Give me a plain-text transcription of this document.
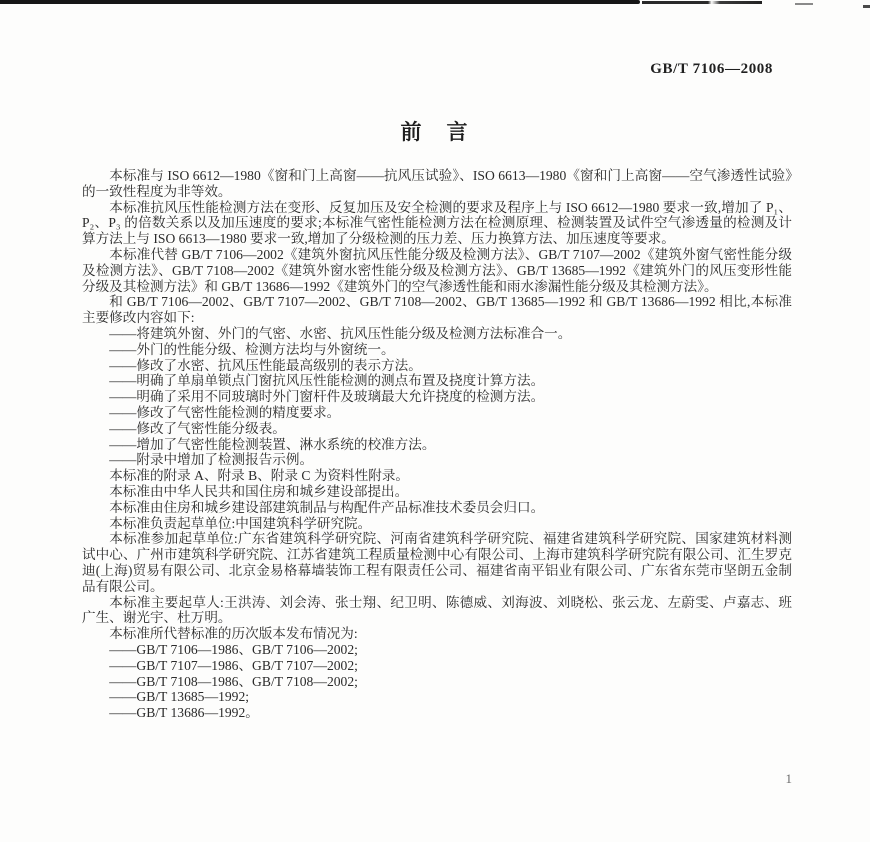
GB/T 7106—2008
前　言

本标准与 ISO 6612—1980《窗和门上高窗——抗风压试验》、ISO 6613—1980《窗和门上高窗——空气渗透性试验》的一致性程度为非等效。

本标准抗风压性能检测方法在变形、反复加压及安全检测的要求及程序上与 ISO 6612—1980 要求一致,增加了 P₁、P₂、P₃ 的倍数关系以及加压速度的要求;本标准气密性能检测方法在检测原理、检测装置及试件空气渗透量的检测及计算方法上与 ISO 6613—1980 要求一致,增加了分级检测的压力差、压力换算方法、加压速度等要求。

本标准代替 GB/T 7106—2002《建筑外窗抗风压性能分级及检测方法》、GB/T 7107—2002《建筑外窗气密性能分级及检测方法》、GB/T 7108—2002《建筑外窗水密性能分级及检测方法》、GB/T 13685—1992《建筑外门的风压变形性能分级及其检测方法》和 GB/T 13686—1992《建筑外门的空气渗透性能和雨水渗漏性能分级及其检测方法》。

和 GB/T 7106—2002、GB/T 7107—2002、GB/T 7108—2002、GB/T 13685—1992 和 GB/T 13686—1992 相比,本标准主要修改内容如下:

——将建筑外窗、外门的气密、水密、抗风压性能分级及检测方法标准合一。

——外门的性能分级、检测方法均与外窗统一。

——修改了水密、抗风压性能最高级别的表示方法。

——明确了单扇单锁点门窗抗风压性能检测的测点布置及挠度计算方法。

——明确了采用不同玻璃时外门窗杆件及玻璃最大允许挠度的检测方法。

——修改了气密性能检测的精度要求。

——修改了气密性能分级表。

——增加了气密性能检测装置、淋水系统的校准方法。

——附录中增加了检测报告示例。

本标准的附录 A、附录 B、附录 C 为资料性附录。

本标准由中华人民共和国住房和城乡建设部提出。

本标准由住房和城乡建设部建筑制品与构配件产品标准技术委员会归口。

本标准负责起草单位:中国建筑科学研究院。

本标准参加起草单位:广东省建筑科学研究院、河南省建筑科学研究院、福建省建筑科学研究院、国家建筑材料测试中心、广州市建筑科学研究院、江苏省建筑工程质量检测中心有限公司、上海市建筑科学研究院有限公司、汇生罗克迪(上海)贸易有限公司、北京金易格幕墙装饰工程有限责任公司、福建省南平铝业有限公司、广东省东莞市坚朗五金制品有限公司。

本标准主要起草人:王洪涛、刘会涛、张士翔、纪卫明、陈德威、刘海波、刘晓松、张云龙、左蔚雯、卢嘉志、班广生、谢光宇、杜万明。

本标准所代替标准的历次版本发布情况为:

——GB/T 7106—1986、GB/T 7106—2002;

——GB/T 7107—1986、GB/T 7107—2002;

——GB/T 7108—1986、GB/T 7108—2002;

——GB/T 13685—1992;

——GB/T 13686—1992。

1
